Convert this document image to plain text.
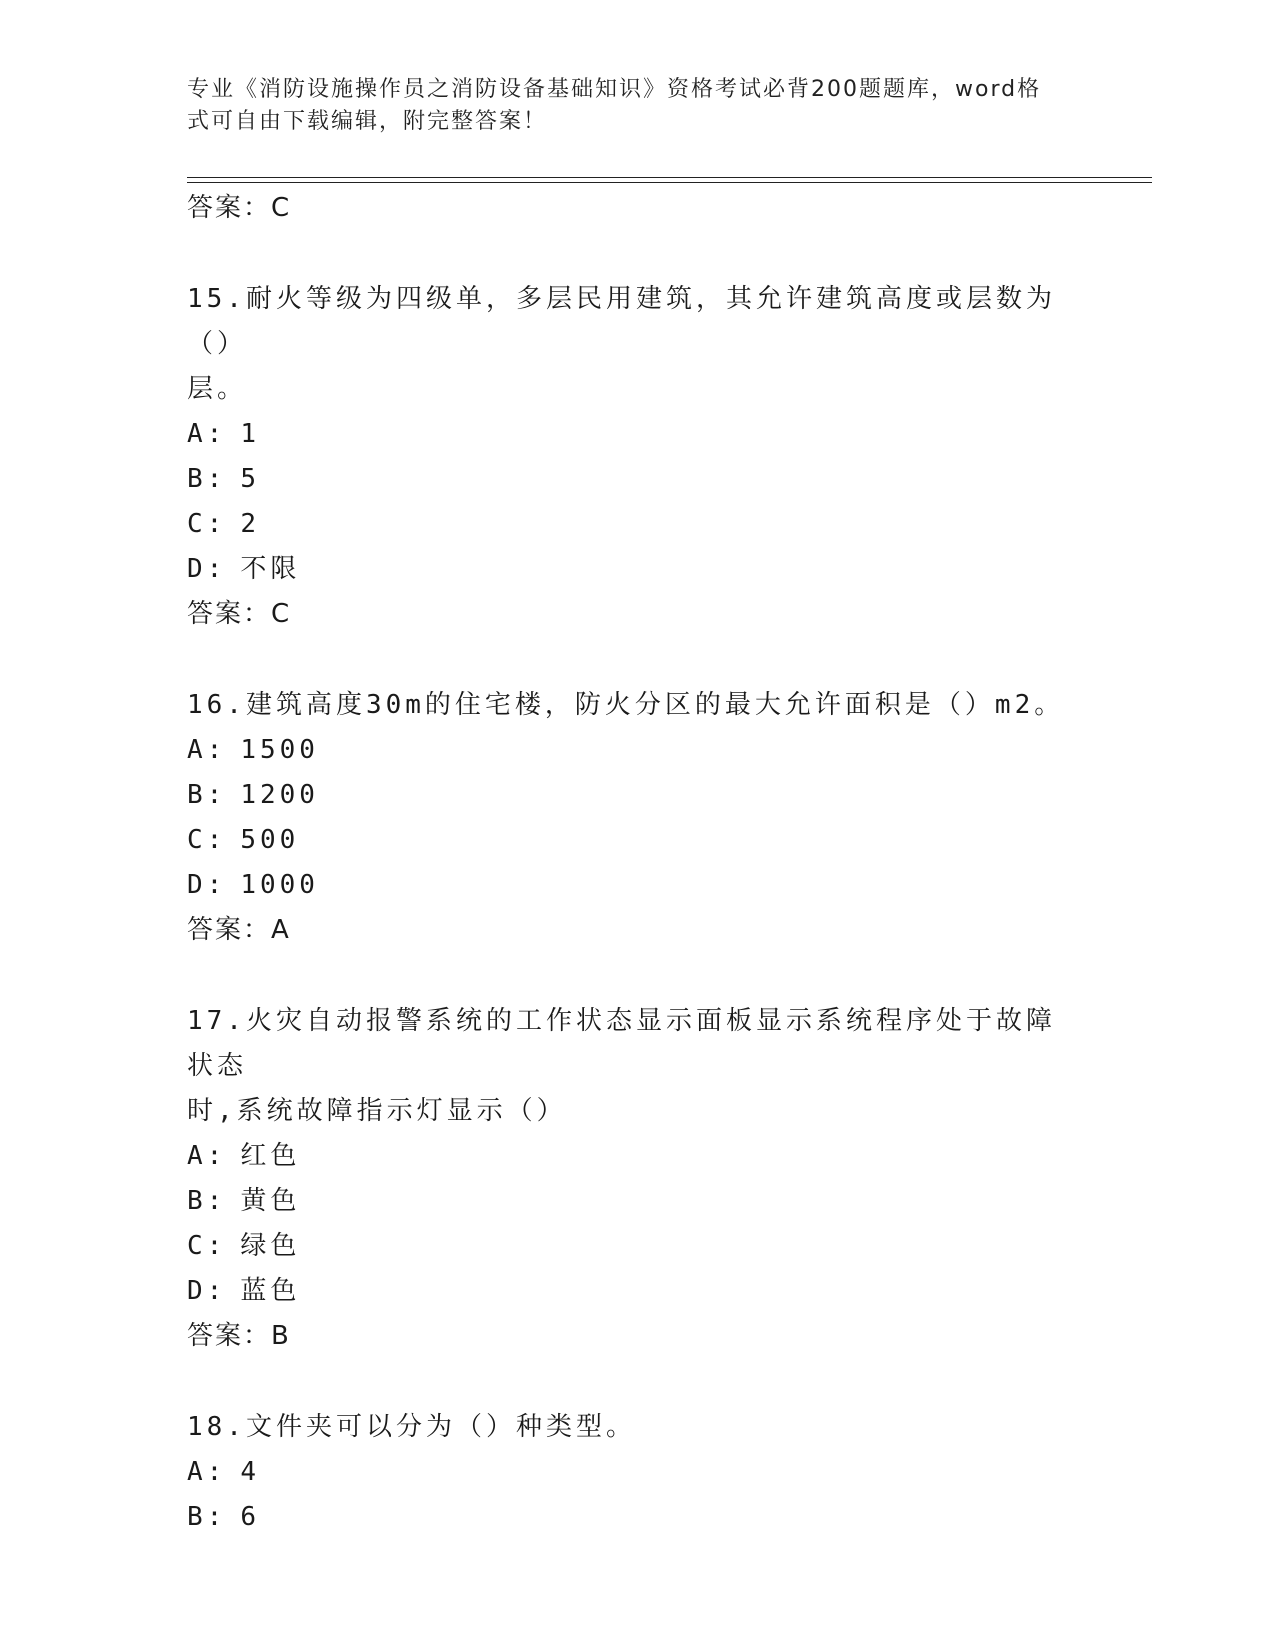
专业《消防设施操作员之消防设备基础知识》资格考试必背200题题库，word格
式可自由下载编辑，附完整答案！
答案：C
15.耐火等级为四级单，多层民用建筑，其允许建筑高度或层数为（）
层。
A: 1
B: 5
C: 2
D: 不限
答案：C
16.建筑高度30m的住宅楼，防火分区的最大允许面积是（）m2。
A: 1500
B: 1200
C: 500
D: 1000
答案：A
17.火灾自动报警系统的工作状态显示面板显示系统程序处于故障状态
时,系统故障指示灯显示（）
A: 红色
B: 黄色
C: 绿色
D: 蓝色
答案：B
18.文件夹可以分为（）种类型。
A: 4
B: 6
